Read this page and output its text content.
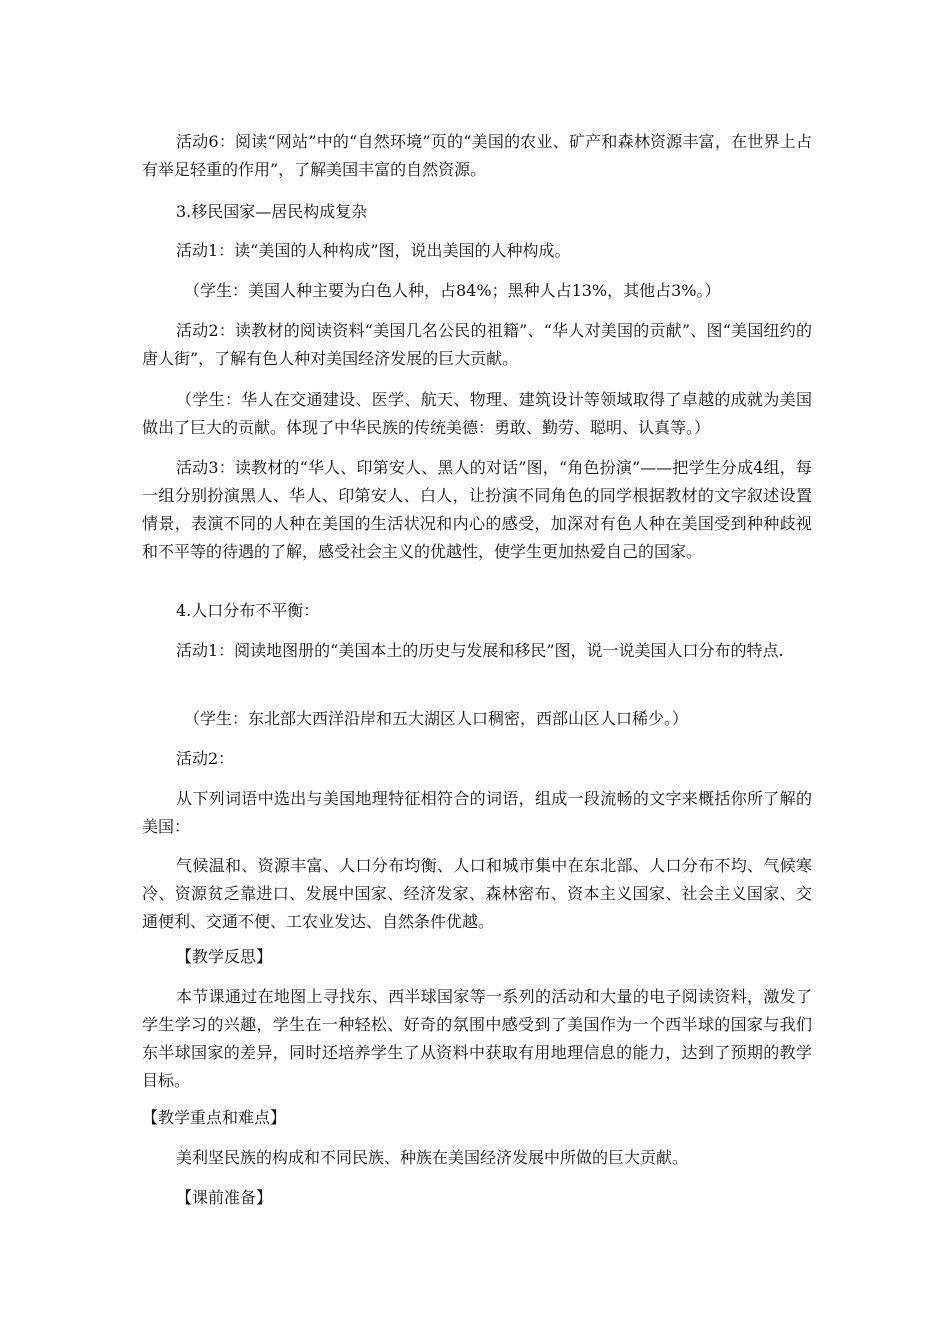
活动6：阅读“网站”中的“自然环境”页的“美国的农业、矿产和森林资源丰富，在世界上占有举足轻重的作用”，了解美国丰富的自然资源。

3.移民国家—居民构成复杂

活动1：读“美国的人种构成”图，说出美国的人种构成。

（学生：美国人种主要为白色人种，占84%；黑种人占13%，其他占3%。）

活动2：读教材的阅读资料“美国几名公民的祖籍”、“华人对美国的贡献”、图“美国纽约的唐人街”，了解有色人种对美国经济发展的巨大贡献。

（学生：华人在交通建设、医学、航天、物理、建筑设计等领域取得了卓越的成就为美国做出了巨大的贡献。体现了中华民族的传统美德：勇敢、勤劳、聪明、认真等。）

活动3：读教材的“华人、印第安人、黑人的对话”图，“角色扮演”——把学生分成4组，每一组分别扮演黑人、华人、印第安人、白人，让扮演不同角色的同学根据教材的文字叙述设置情景，表演不同的人种在美国的生活状况和内心的感受，加深对有色人种在美国受到种种歧视和不平等的待遇的了解，感受社会主义的优越性，使学生更加热爱自己的国家。

4.人口分布不平衡：

活动1：阅读地图册的“美国本土的历史与发展和移民”图，说一说美国人口分布的特点.

（学生：东北部大西洋沿岸和五大湖区人口稠密，西部山区人口稀少。）

活动2：

从下列词语中选出与美国地理特征相符合的词语，组成一段流畅的文字来概括你所了解的美国：

气候温和、资源丰富、人口分布均衡、人口和城市集中在东北部、人口分布不均、气候寒冷、资源贫乏靠进口、发展中国家、经济发家、森林密布、资本主义国家、社会主义国家、交通便利、交通不便、工农业发达、自然条件优越。

【教学反思】

本节课通过在地图上寻找东、西半球国家等一系列的活动和大量的电子阅读资料，激发了学生学习的兴趣，学生在一种轻松、好奇的氛围中感受到了美国作为一个西半球的国家与我们东半球国家的差异，同时还培养学生了从资料中获取有用地理信息的能力，达到了预期的教学目标。

【教学重点和难点】

美利坚民族的构成和不同民族、种族在美国经济发展中所做的巨大贡献。

【课前准备】
